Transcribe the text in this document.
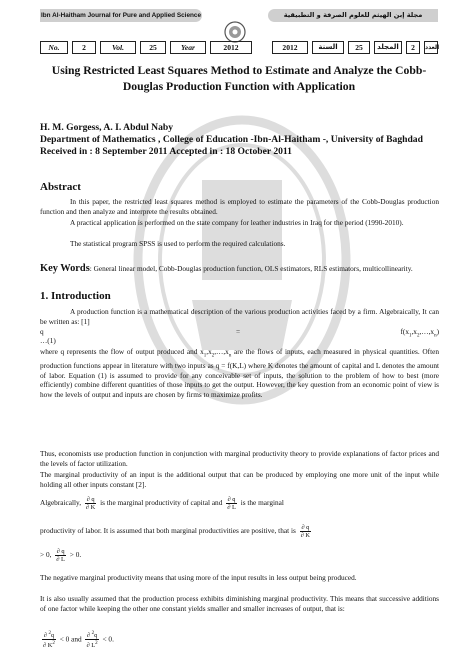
Ibn Al-Haitham Journal for Pure and Applied Science	مجلة إبن الهيثم للعلوم الصرفة و التطبيقية
No.	2	Vol.	25	Year	2012	2012	السنة	25	المجلد	2	العدد
Using Restricted Least Squares Method to Estimate and Analyze the Cobb-Douglas Production Function with Application
H. M. Gorgess, A. I. Abdul Naby
Department of Mathematics , College of Education -Ibn-Al-Haitham -, University of Baghdad
Received in : 8 September 2011 Accepted in : 18 October 2011
Abstract
In this paper, the restricted least squares method is employed to estimate the parameters of the Cobb-Douglas production function and then analyze and interprete the results obtained.
A practical application is performed on the state company for leather industries in Iraq for the period (1990-2010).
The statistical program SPSS is used to perform the required calculations.
Key Words: General linear model, Cobb-Douglas production function, OLS estimators, RLS estimators, multicollinearity.
1. Introduction
A production function is a mathematical description of the various production activities faced by a firm. Algebraically, It can be written as: [1]
q	=	$f(x_1,x_2,\dots,x_n)$
…(1)
where q represents the flow of output produced and $x_1,x_2,\dots,x_n$ are the flows of inputs, each measured in physical quantities. Often production functions appear in literature with two inputs as q = f(K,L) where K denotes the amount of capital and L denotes the amount of labor. Equation (1) is assumed to provide for any conceivable set of inputs, the solution to the problem of how to best (more efficiently) combine different quantities of those inputs to get the output. However, the key question from an economic point of view is how the levels of output and inputs are chosen by firms to maximize profits.
Thus, economists use production function in conjunction with marginal productivity theory to provide explanations of factor prices and the levels of factor utilization.
The marginal productivity of an input is the additional output that can be produced by employing one more unit of the input while holding all other inputs constant [2].
Algebraically, $\frac{\partial q}{\partial K}$ is the marginal productivity of capital and $\frac{\partial q}{\partial L}$ is the marginal
productivity of labor. It is assumed that both marginal productivities are positive, that is $\frac{\partial q}{\partial K}$
> 0, $\frac{\partial q}{\partial L} > 0$.
The negative marginal productivity means that using more of the input results in less output being produced.
It is also usually assumed that the production process exhibits diminishing marginal productivity. This means that successive additions of one factor while keeping the other one constant yields smaller and smaller increases of output, that is:
$\frac{\partial ^2q}{\partial K^2} < 0$ and $\frac{\partial ^2q}{\partial L^2} < 0$.
